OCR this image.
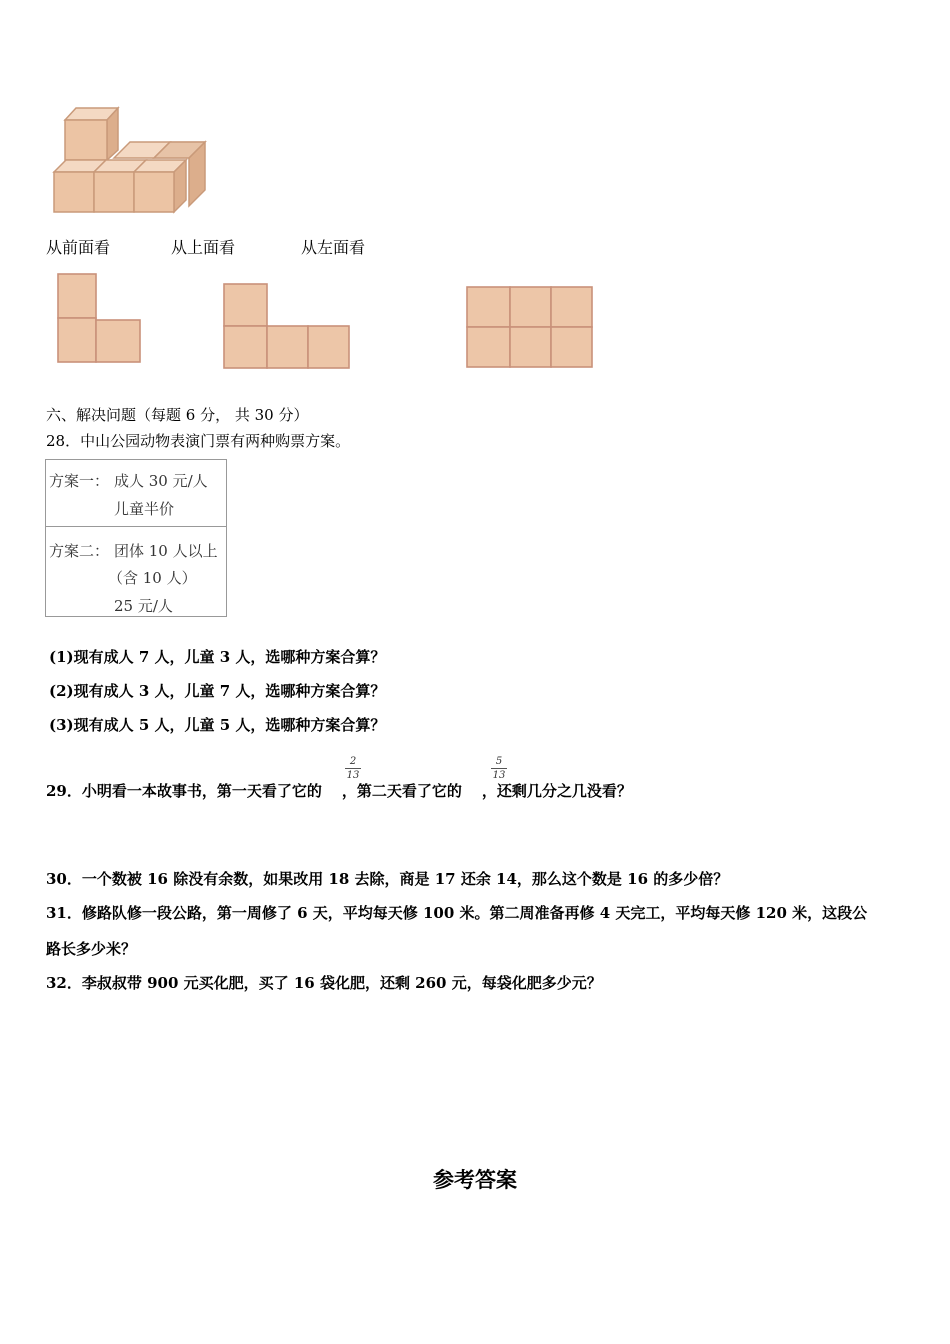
从前面看	从上面看	从左面看
六、解决问题（每题 6 分， 共 30 分）
28．中山公园动物表演门票有两种购票方案。
方案一： 成人 30 元/人
儿童半价
方案二： 团体 10 人以上
（含 10 人）
25 元/人
(1)现有成人 7 人，儿童 3 人，选哪种方案合算？
(2)现有成人 3 人，儿童 7 人，选哪种方案合算？
(3)现有成人 5 人，儿童 5 人，选哪种方案合算？
29．小明看一本故事书，第一天看了它的 ，第二天看了它的 ，还剩几分之几没看？
2
13
5
13
30．一个数被 16 除没有余数，如果改用 18 去除，商是 17 还余 14，那么这个数是 16 的多少倍？
31．修路队修一段公路，第一周修了 6 天，平均每天修 100 米。第二周准备再修 4 天完工，平均每天修 120 米，这段公
路长多少米？
32．李叔叔带 900 元买化肥，买了 16 袋化肥，还剩 260 元，每袋化肥多少元？
参考答案
